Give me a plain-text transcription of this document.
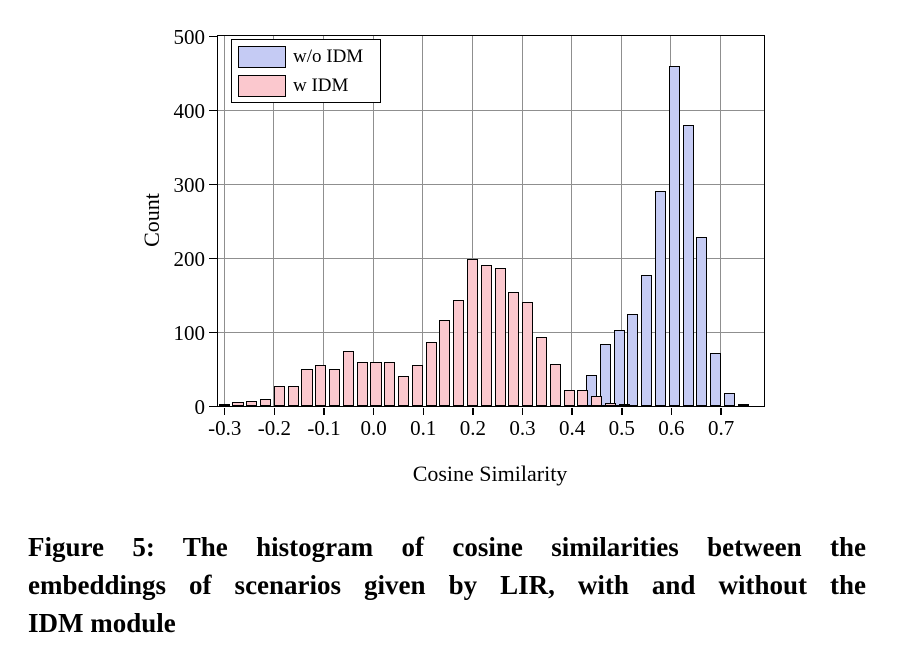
Count
Cosine Similarity
w/o IDM
w IDM
-0.3 -0.2 -0.1 0.0	0.1	0.2	0.3	0.4	0.5	0.6	0.7
0
100
200
300
400
500
Figure 5: The histogram of cosine similarities between the
embeddings of scenarios given by LIR, with and without the
IDM module
